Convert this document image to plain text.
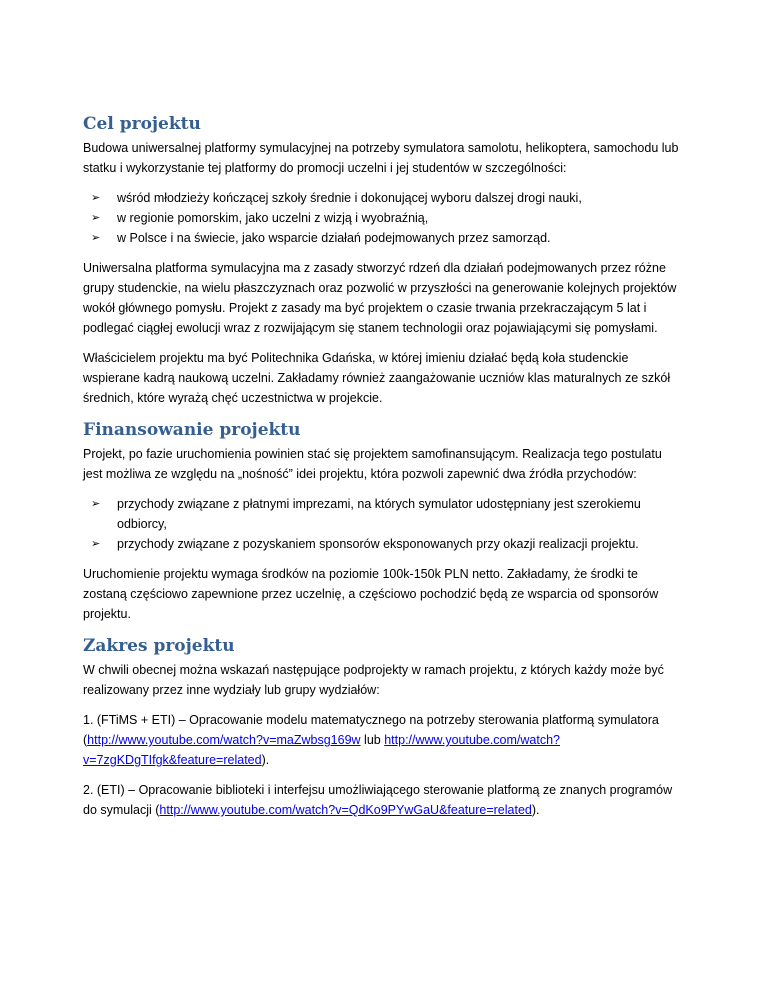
Cel projektu

Budowa uniwersalnej platformy symulacyjnej na potrzeby symulatora samolotu, helikoptera, samochodu lub statku i wykorzystanie tej platformy do promocji uczelni i jej studentów w szczególności:

➢ wśród młodzieży kończącej szkoły średnie i dokonującej wyboru dalszej drogi nauki,
➢ w regionie pomorskim, jako uczelni z wizją i wyobraźnią,
➢ w Polsce i na świecie, jako wsparcie działań podejmowanych przez samorząd.

Uniwersalna platforma symulacyjna ma z zasady stworzyć rdzeń dla działań podejmowanych przez różne grupy studenckie, na wielu płaszczyznach oraz pozwolić w przyszłości na generowanie kolejnych projektów wokół głównego pomysłu. Projekt z zasady ma być projektem o czasie trwania przekraczającym 5 lat i podlegać ciągłej ewolucji wraz z rozwijającym się stanem technologii oraz pojawiającymi się pomysłami.

Właścicielem projektu ma być Politechnika Gdańska, w której imieniu działać będą koła studenckie wspierane kadrą naukową uczelni. Zakładamy również zaangażowanie uczniów klas maturalnych ze szkół średnich, które wyrażą chęć uczestnictwa w projekcie.

Finansowanie projektu

Projekt, po fazie uruchomienia powinien stać się projektem samofinansującym. Realizacja tego postulatu jest możliwa ze względu na „nośność” idei projektu, która pozwoli zapewnić dwa źródła przychodów:

➢ przychody związane z płatnymi imprezami, na których symulator udostępniany jest szerokiemu odbiorcy,
➢ przychody związane z pozyskaniem sponsorów eksponowanych przy okazji realizacji projektu.

Uruchomienie projektu wymaga środków na poziomie 100k-150k PLN netto. Zakładamy, że środki te zostaną częściowo zapewnione przez uczelnię, a częściowo pochodzić będą ze wsparcia od sponsorów projektu.

Zakres projektu

W chwili obecnej można wskazań następujące podprojekty w ramach projektu, z których każdy może być realizowany przez inne wydziały lub grupy wydziałów:

1. (FTiMS + ETI) – Opracowanie modelu matematycznego na potrzeby sterowania platformą symulatora (http://www.youtube.com/watch?v=maZwbsg169w lub http://www.youtube.com/watch?v=7zgKDgTIfgk&feature=related).

2. (ETI) – Opracowanie biblioteki i interfejsu umożliwiającego sterowanie platformą ze znanych programów do symulacji (http://www.youtube.com/watch?v=QdKo9PYwGaU&feature=related).
